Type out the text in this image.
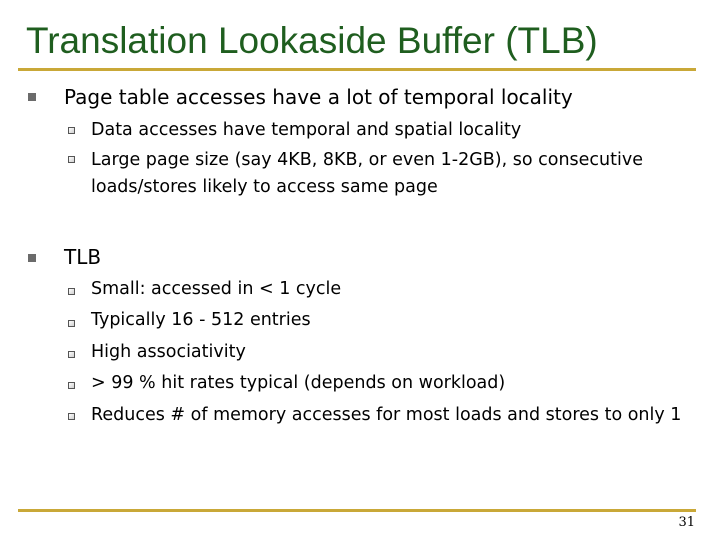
Translation Lookaside Buffer (TLB)
Page table accesses have a lot of temporal locality
Data accesses have temporal and spatial locality
Large page size (say 4KB, 8KB, or even 1-2GB), so consecutive loads/stores likely to access same page
TLB
Small: accessed in < 1 cycle
Typically 16 - 512 entries
High associativity
> 99 % hit rates typical (depends on workload)
Reduces # of memory accesses for most loads and stores to only 1
31
